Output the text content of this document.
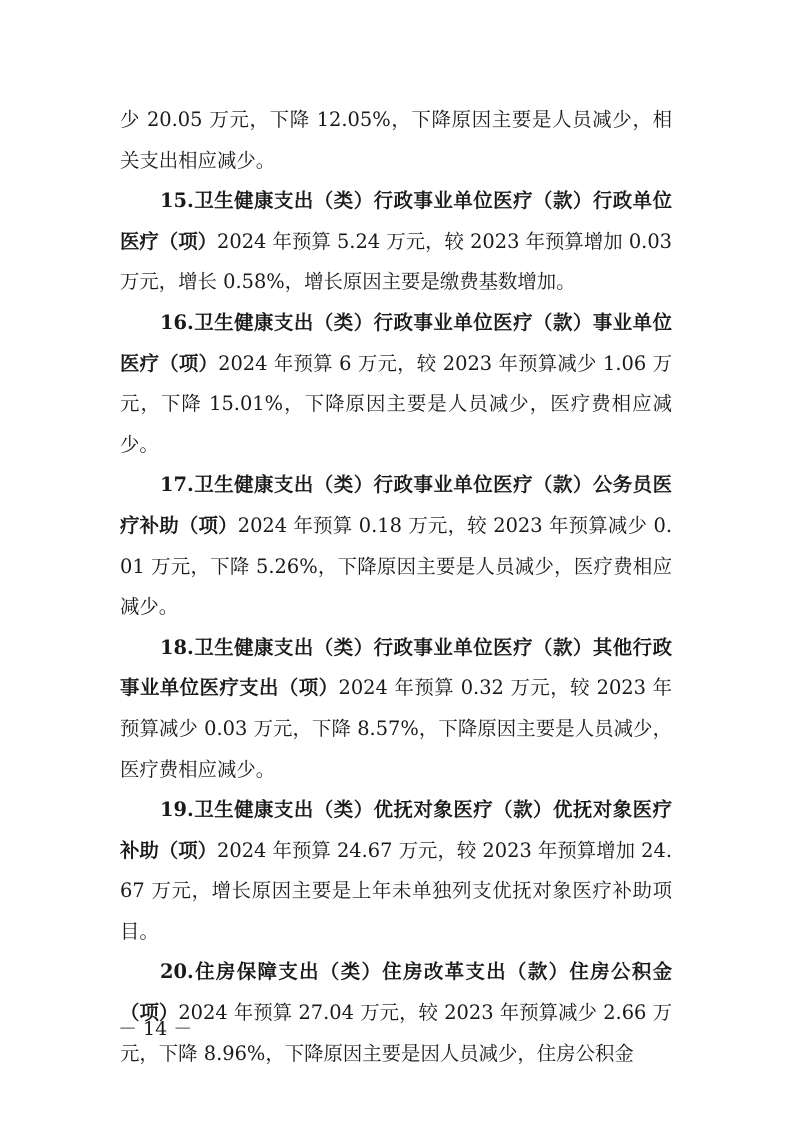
少 20.05 万元，下降 12.05%，下降原因主要是人员减少，相关支出相应减少。

15.卫生健康支出（类）行政事业单位医疗（款）行政单位医疗（项）2024 年预算 5.24 万元，较 2023 年预算增加 0.03 万元，增长 0.58%，增长原因主要是缴费基数增加。

16.卫生健康支出（类）行政事业单位医疗（款）事业单位医疗（项）2024 年预算 6 万元，较 2023 年预算减少 1.06 万元，下降 15.01%，下降原因主要是人员减少，医疗费相应减少。

17.卫生健康支出（类）行政事业单位医疗（款）公务员医疗补助（项）2024 年预算 0.18 万元，较 2023 年预算减少 0.01 万元，下降 5.26%，下降原因主要是人员减少，医疗费相应减少。

18.卫生健康支出（类）行政事业单位医疗（款）其他行政事业单位医疗支出（项）2024 年预算 0.32 万元，较 2023 年预算减少 0.03 万元，下降 8.57%，下降原因主要是人员减少，医疗费相应减少。

19.卫生健康支出（类）优抚对象医疗（款）优抚对象医疗补助（项）2024 年预算 24.67 万元，较 2023 年预算增加 24.67 万元，增长原因主要是上年未单独列支优抚对象医疗补助项目。

20.住房保障支出（类）住房改革支出（款）住房公积金（项）2024 年预算 27.04 万元，较 2023 年预算减少 2.66 万元，下降 8.96%，下降原因主要是因人员减少，住房公积金

－ 14 －
